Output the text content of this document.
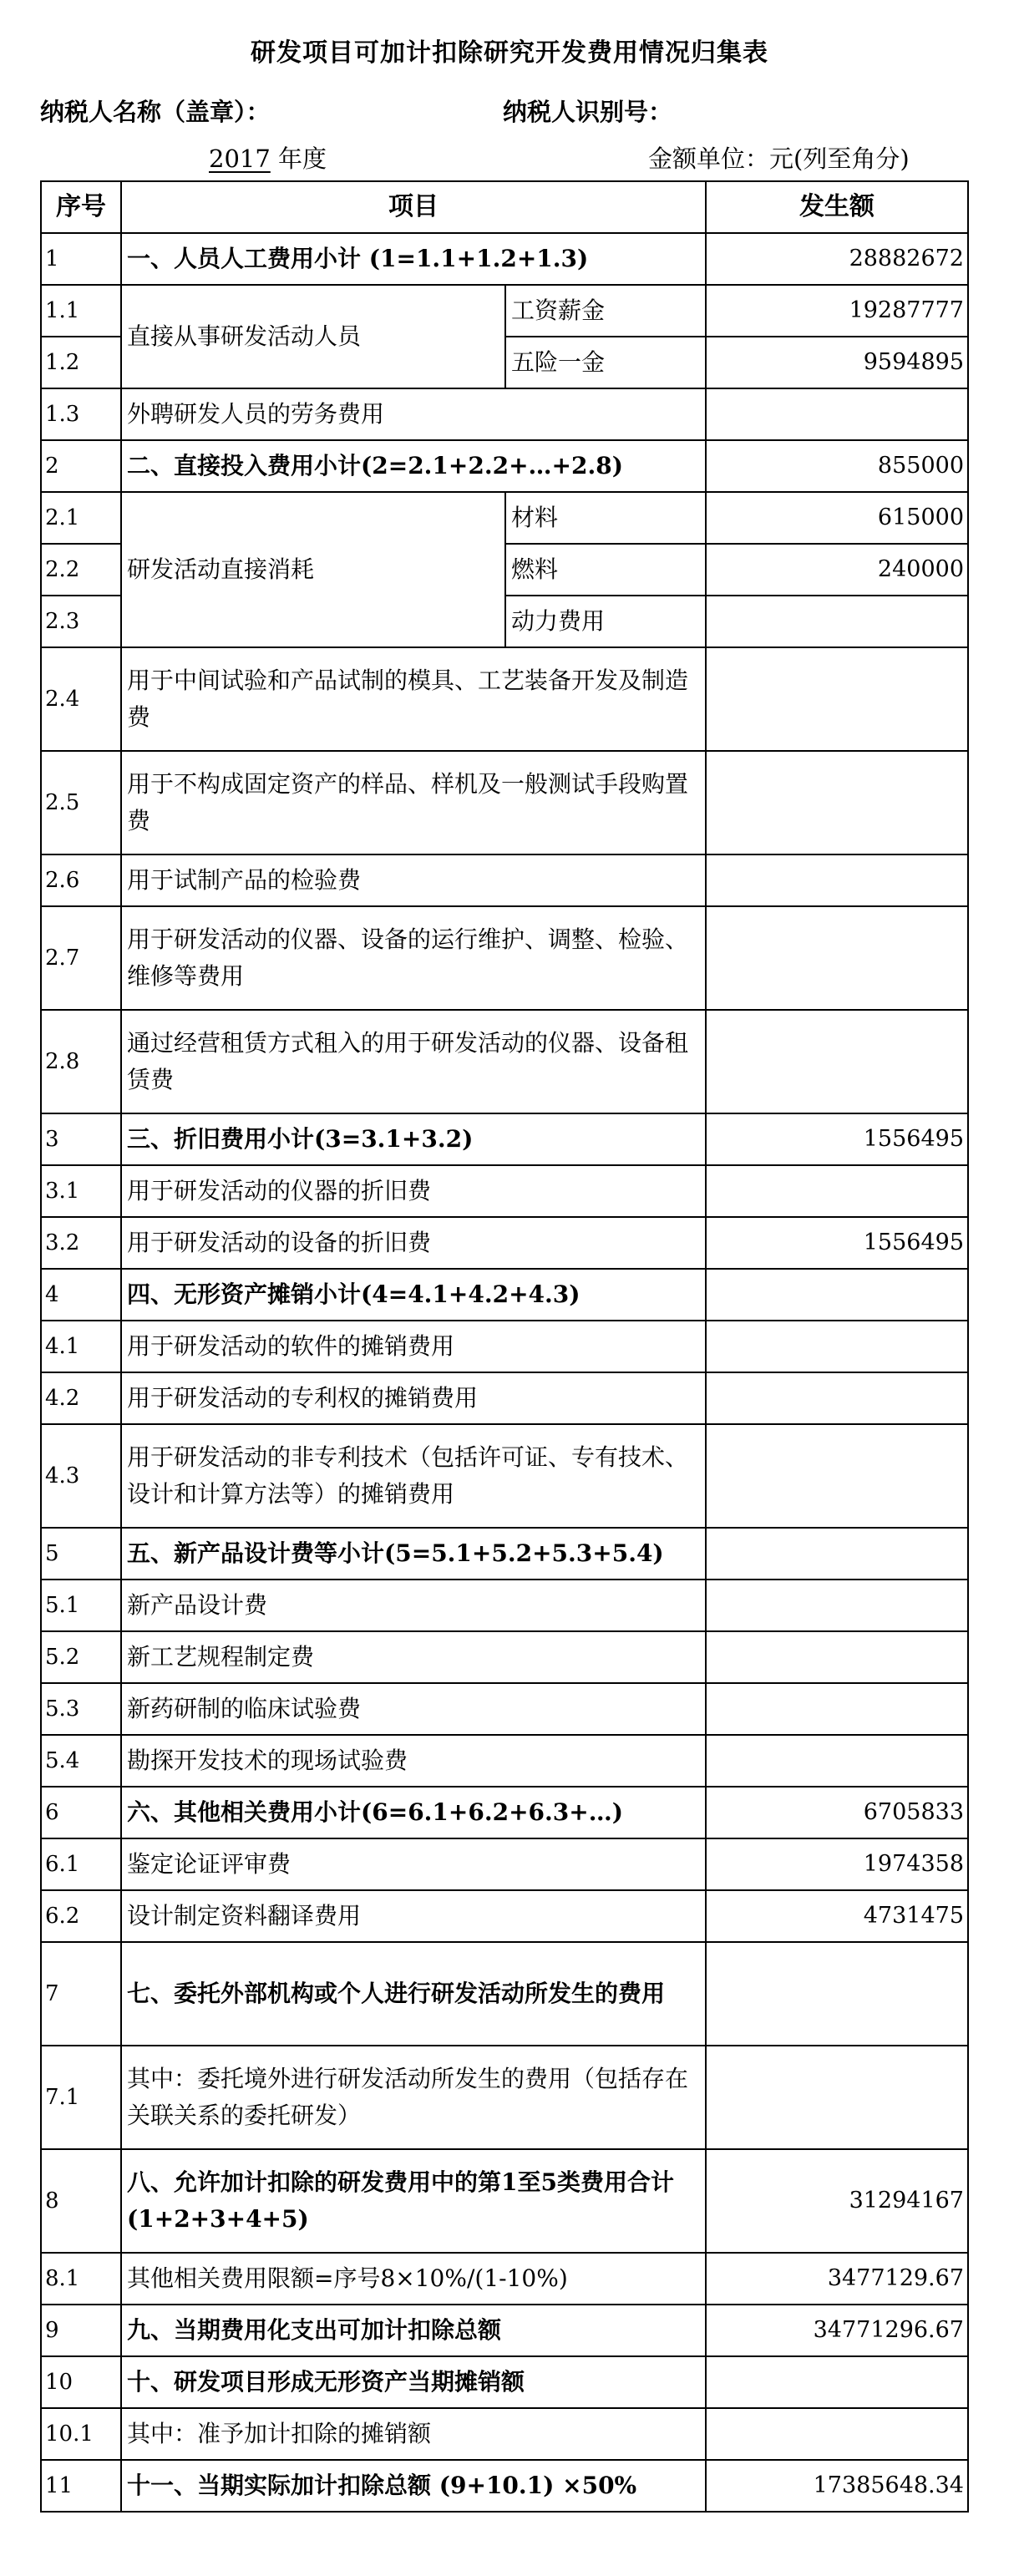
研发项目可加计扣除研究开发费用情况归集表
纳税人名称（盖章）：	纳税人识别号：
2017 年度	金额单位：元(列至角分)
序号	项目		发生额
1	一、人员人工费用小计 (1=1.1+1.2+1.3)		28882672
1.1	直接从事研发活动人员	工资薪金	19287777
1.2		五险一金	9594895
1.3	外聘研发人员的劳务费用		
2	二、直接投入费用小计(2=2.1+2.2+…+2.8)		855000
2.1	研发活动直接消耗	材料	615000
2.2		燃料	240000
2.3		动力费用	
2.4	用于中间试验和产品试制的模具、工艺装备开发及制造费		
2.5	用于不构成固定资产的样品、样机及一般测试手段购置费		
2.6	用于试制产品的检验费		
2.7	用于研发活动的仪器、设备的运行维护、调整、检验、维修等费用		
2.8	通过经营租赁方式租入的用于研发活动的仪器、设备租赁费		
3	三、折旧费用小计(3=3.1+3.2)		1556495
3.1	用于研发活动的仪器的折旧费		
3.2	用于研发活动的设备的折旧费		1556495
4	四、无形资产摊销小计(4=4.1+4.2+4.3)		
4.1	用于研发活动的软件的摊销费用		
4.2	用于研发活动的专利权的摊销费用		
4.3	用于研发活动的非专利技术（包括许可证、专有技术、设计和计算方法等）的摊销费用		
5	五、新产品设计费等小计(5=5.1+5.2+5.3+5.4)		
5.1	新产品设计费		
5.2	新工艺规程制定费		
5.3	新药研制的临床试验费		
5.4	勘探开发技术的现场试验费		
6	六、其他相关费用小计(6=6.1+6.2+6.3+…)		6705833
6.1	鉴定论证评审费		1974358
6.2	设计制定资料翻译费用		4731475
7	七、委托外部机构或个人进行研发活动所发生的费用		
7.1	其中：委托境外进行研发活动所发生的费用（包括存在关联关系的委托研发）		
8	八、允许加计扣除的研发费用中的第1至5类费用合计 (1+2+3+4+5)		31294167
8.1	其他相关费用限额=序号8×10%/(1-10%)		3477129.67
9	九、当期费用化支出可加计扣除总额		34771296.67
10	十、研发项目形成无形资产当期摊销额		
10.1	其中：准予加计扣除的摊销额		
11	十一、当期实际加计扣除总额 (9+10.1) ×50%		17385648.34
